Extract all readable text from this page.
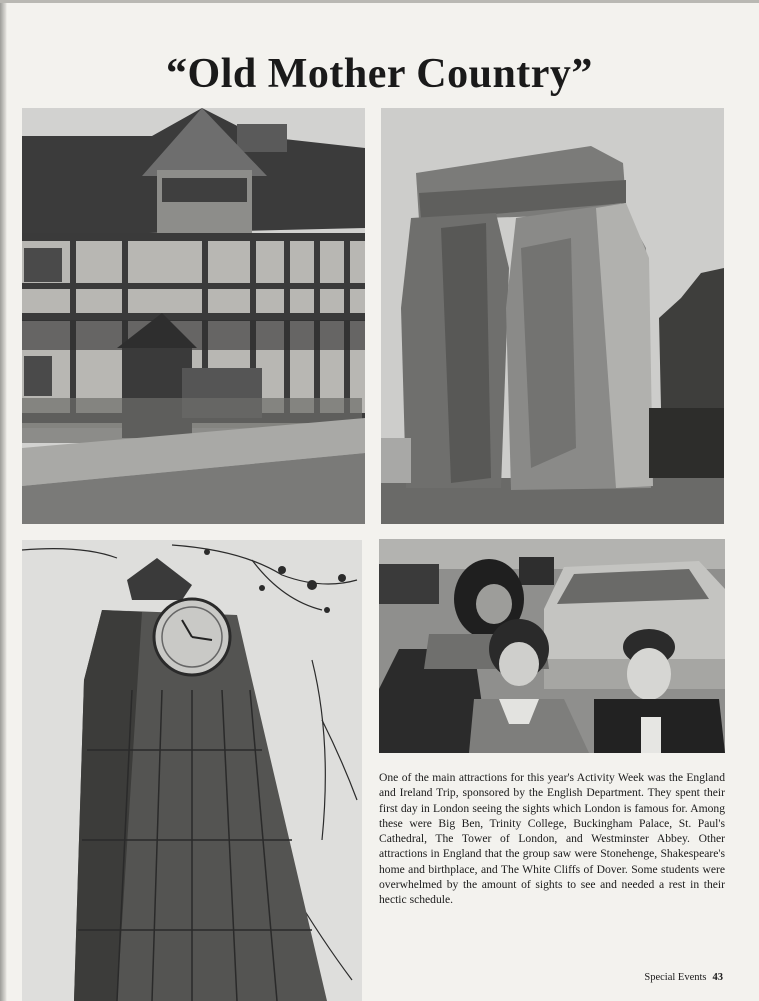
“Old Mother Country”
One of the main attractions for this year's Activity Week was the England and Ireland Trip, sponsored by the English Department. They spent their first day in London seeing the sights which London is famous for. Among these were Big Ben, Trinity College, Buckingham Palace, St. Paul's Cathedral, The Tower of London, and Westminster Abbey. Other attractions in England that the group saw were Stonehenge, Shakespeare's home and birthplace, and The White Cliffs of Dover. Some students were overwhelmed by the amount of sights to see and needed a rest in their hectic schedule.
Special Events 43
